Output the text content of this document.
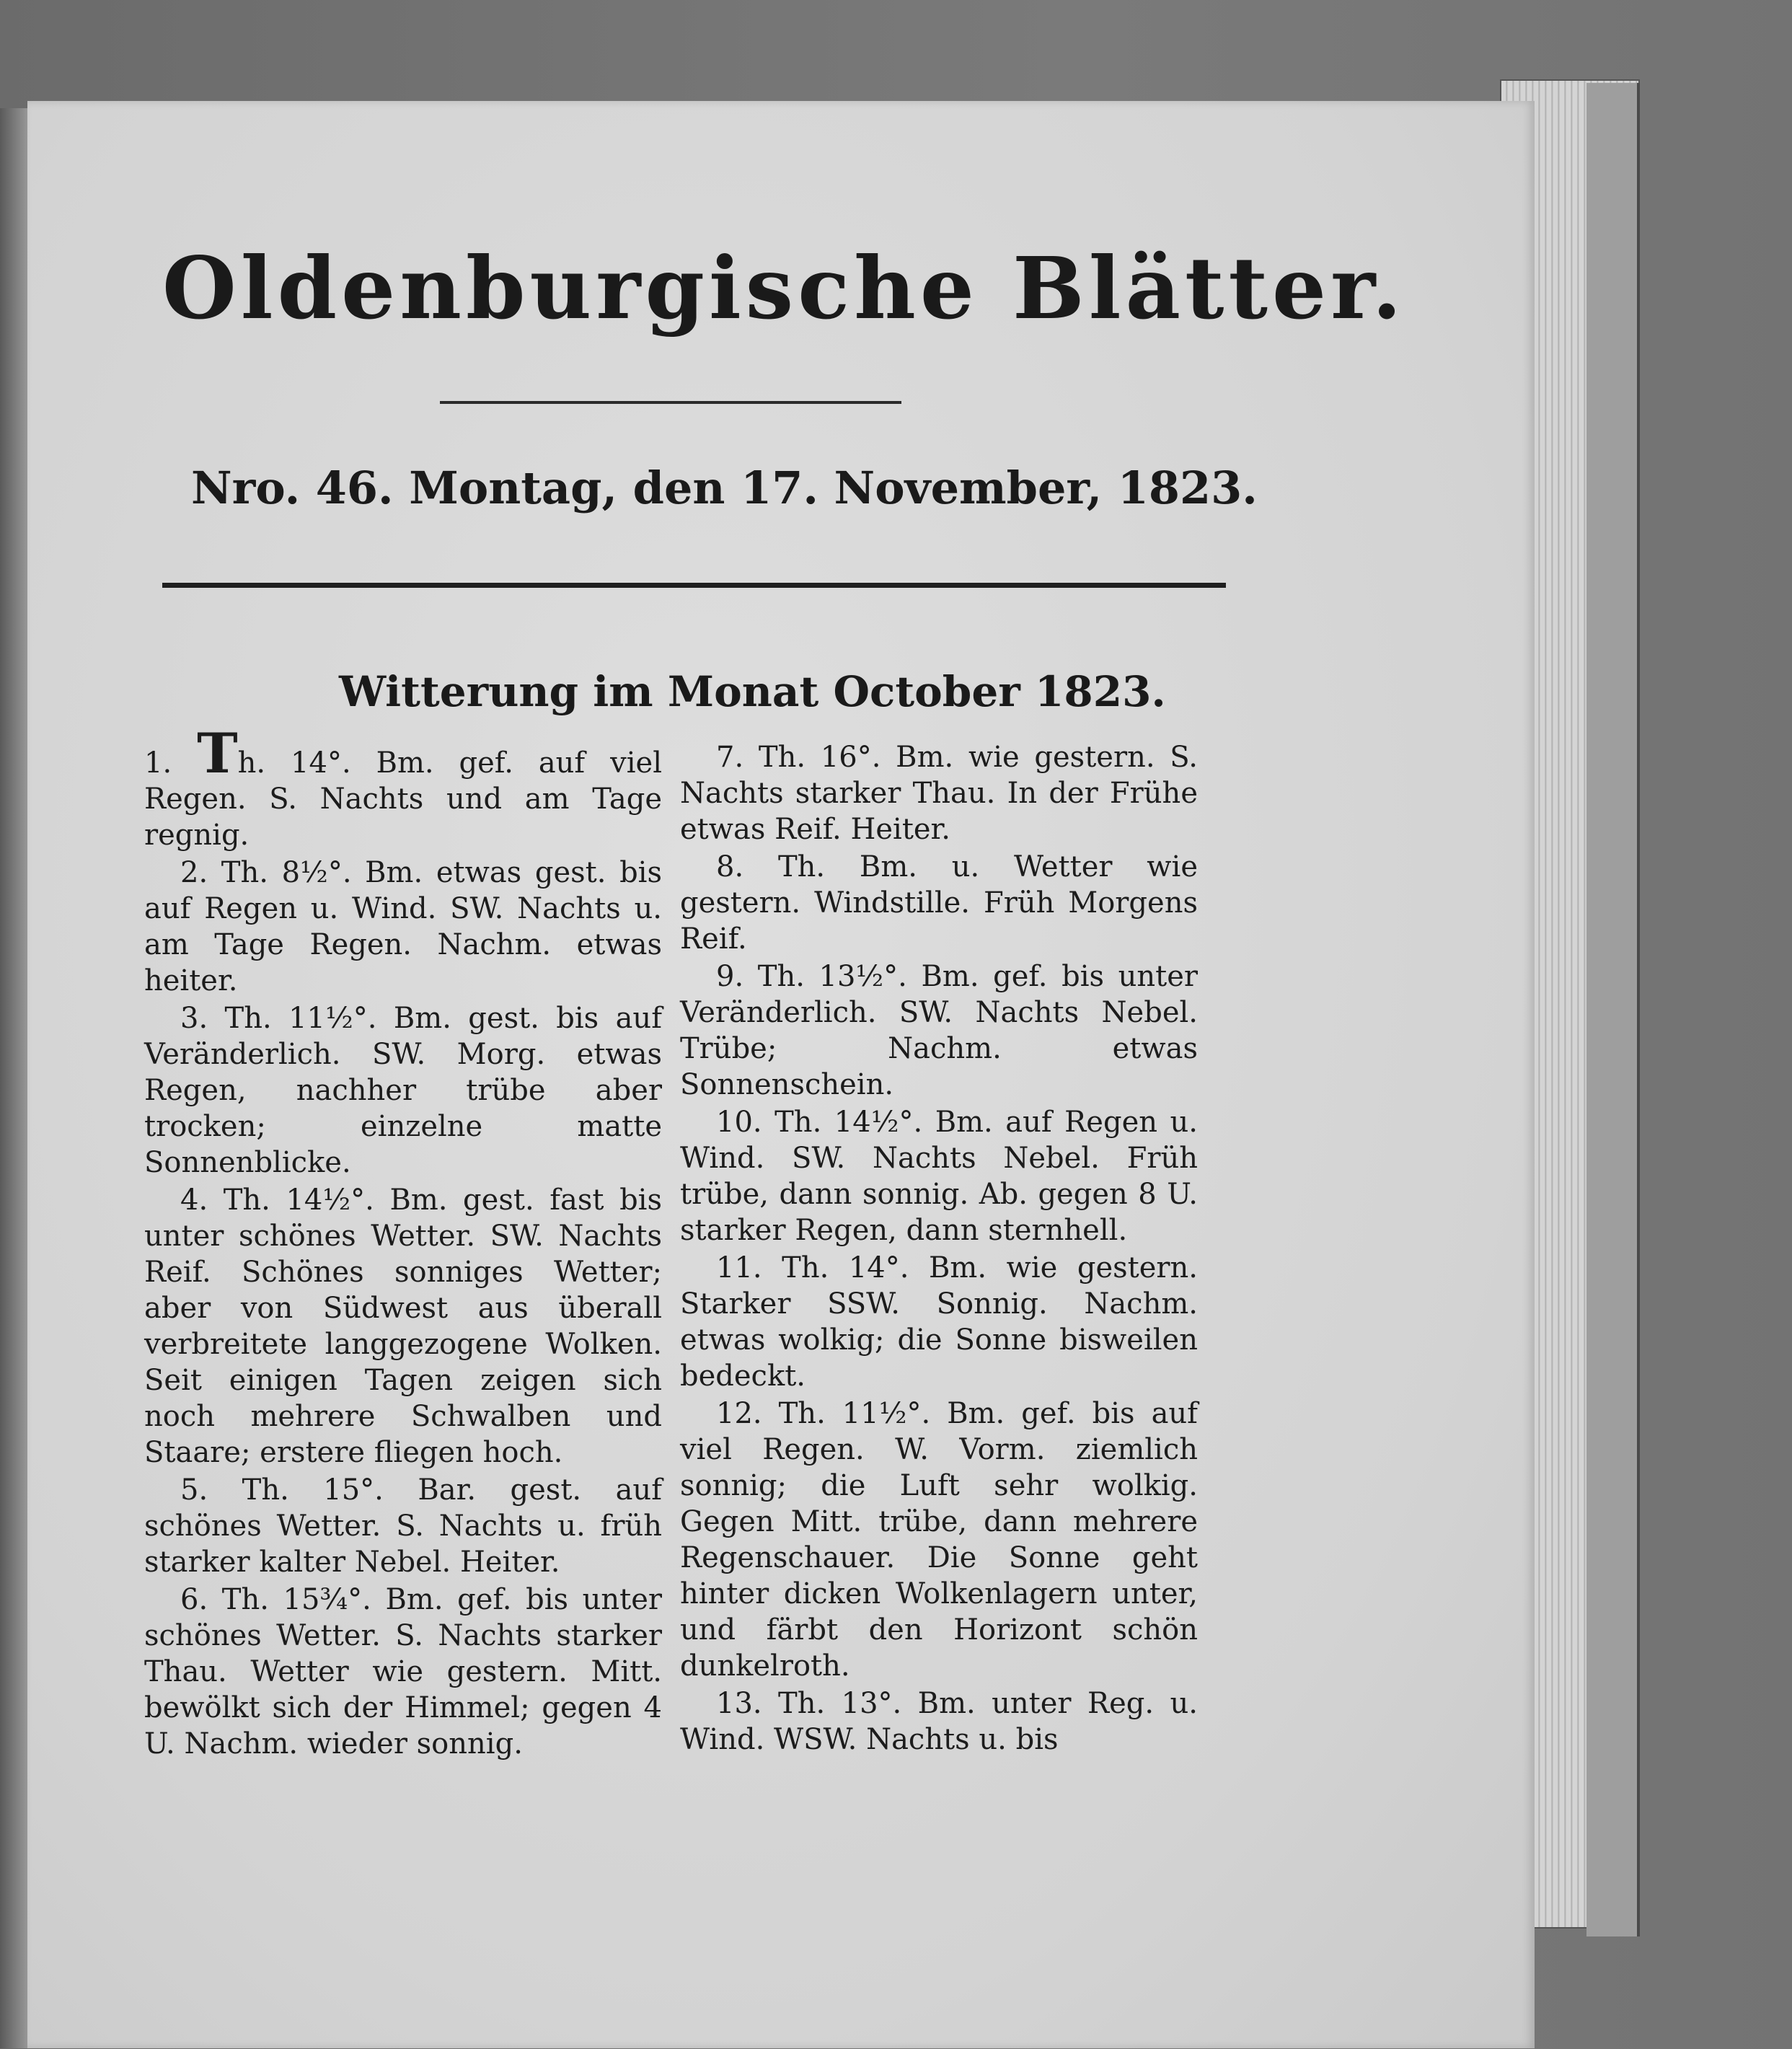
Oldenburgische Blätter.
Nro. 46. Montag, den 17. November, 1823.
Witterung im Monat October 1823.

1. Th. 14°. Bm. gef. auf viel Regen. S. Nachts und am Tage regnig.

2. Th. 8½°. Bm. etwas gest. bis auf Regen u. Wind. SW. Nachts u. am Tage Regen. Nachm. etwas heiter.

3. Th. 11½°. Bm. gest. bis auf Veränderlich. SW. Morg. etwas Regen, nachher trübe aber trocken; einzelne matte Sonnenblicke.

4. Th. 14½°. Bm. gest. fast bis unter schönes Wetter. SW. Nachts Reif. Schönes sonniges Wetter; aber von Südwest aus überall verbreitete langgezogene Wolken. Seit einigen Tagen zeigen sich noch mehrere Schwalben und Staare; erstere fliegen hoch.

5. Th. 15°. Bar. gest. auf schönes Wetter. S. Nachts u. früh starker kalter Nebel. Heiter.

6. Th. 15¾°. Bm. gef. bis unter schönes Wetter. S. Nachts starker Thau. Wetter wie gestern. Mitt. bewölkt sich der Himmel; gegen 4 U. Nachm. wieder sonnig.

7. Th. 16°. Bm. wie gestern. S. Nachts starker Thau. In der Frühe etwas Reif. Heiter.

8. Th. Bm. u. Wetter wie gestern. Windstille. Früh Morgens Reif.

9. Th. 13½°. Bm. gef. bis unter Veränderlich. SW. Nachts Nebel. Trübe; Nachm. etwas Sonnenschein.

10. Th. 14½°. Bm. auf Regen u. Wind. SW. Nachts Nebel. Früh trübe, dann sonnig. Ab. gegen 8 U. starker Regen, dann sternhell.

11. Th. 14°. Bm. wie gestern. Starker SSW. Sonnig. Nachm. etwas wolkig; die Sonne bisweilen bedeckt.

12. Th. 11½°. Bm. gef. bis auf viel Regen. W. Vorm. ziemlich sonnig; die Luft sehr wolkig. Gegen Mitt. trübe, dann mehrere Regenschauer. Die Sonne geht hinter dicken Wolkenlagern unter, und färbt den Horizont schön dunkelroth.

13. Th. 13°. Bm. unter Reg. u. Wind. WSW. Nachts u. bis
